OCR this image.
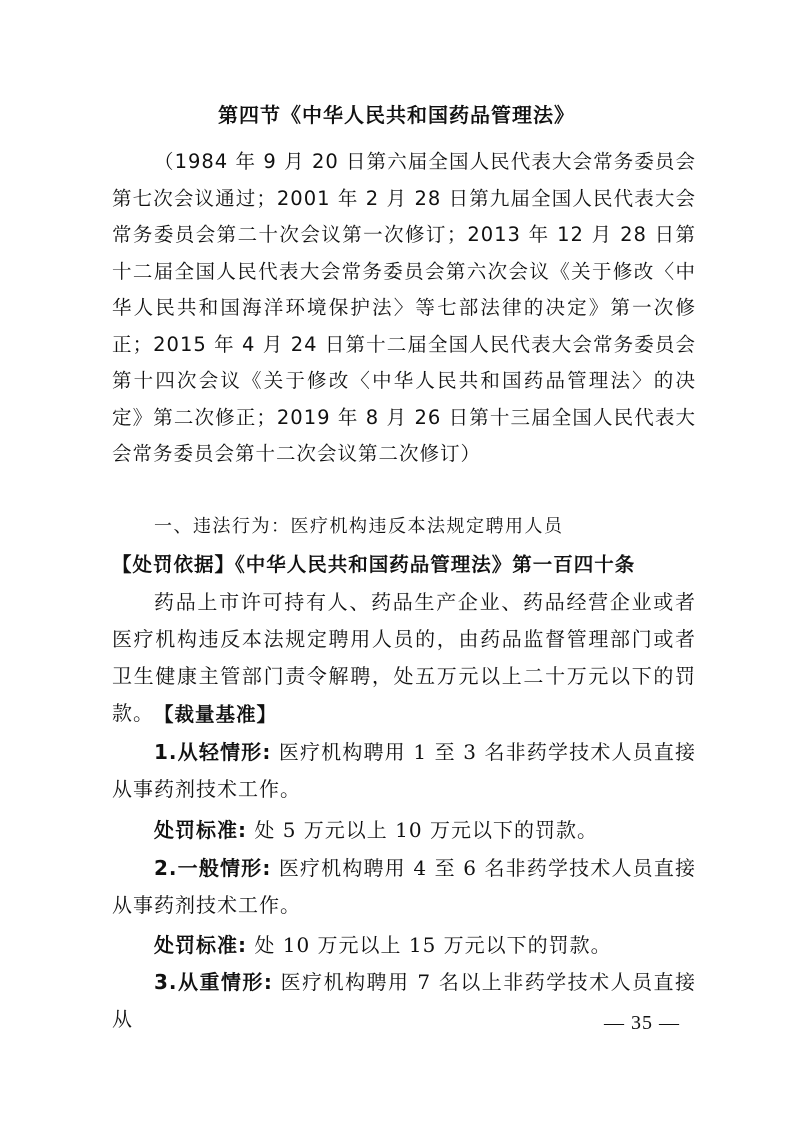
第四节《中华人民共和国药品管理法》
（1984 年 9 月 20 日第六届全国人民代表大会常务委员会第七次会议通过；2001 年 2 月 28 日第九届全国人民代表大会常务委员会第二十次会议第一次修订；2013 年 12 月 28 日第十二届全国人民代表大会常务委员会第六次会议《关于修改〈中华人民共和国海洋环境保护法〉等七部法律的决定》第一次修正；2015 年 4 月 24 日第十二届全国人民代表大会常务委员会第十四次会议《关于修改〈中华人民共和国药品管理法〉的决定》第二次修正；2019 年 8 月 26 日第十三届全国人民代表大会常务委员会第十二次会议第二次修订）
一、违法行为：医疗机构违反本法规定聘用人员
【处罚依据】《中华人民共和国药品管理法》第一百四十条
药品上市许可持有人、药品生产企业、药品经营企业或者医疗机构违反本法规定聘用人员的，由药品监督管理部门或者卫生健康主管部门责令解聘，处五万元以上二十万元以下的罚款。 【裁量基准】
1.从轻情形: 医疗机构聘用 1 至 3 名非药学技术人员直接从事药剂技术工作。
处罚标准: 处 5 万元以上 10 万元以下的罚款。
2.一般情形: 医疗机构聘用 4 至 6 名非药学技术人员直接从事药剂技术工作。
处罚标准: 处 10 万元以上 15 万元以下的罚款。
3.从重情形: 医疗机构聘用 7 名以上非药学技术人员直接从	— 35 —
